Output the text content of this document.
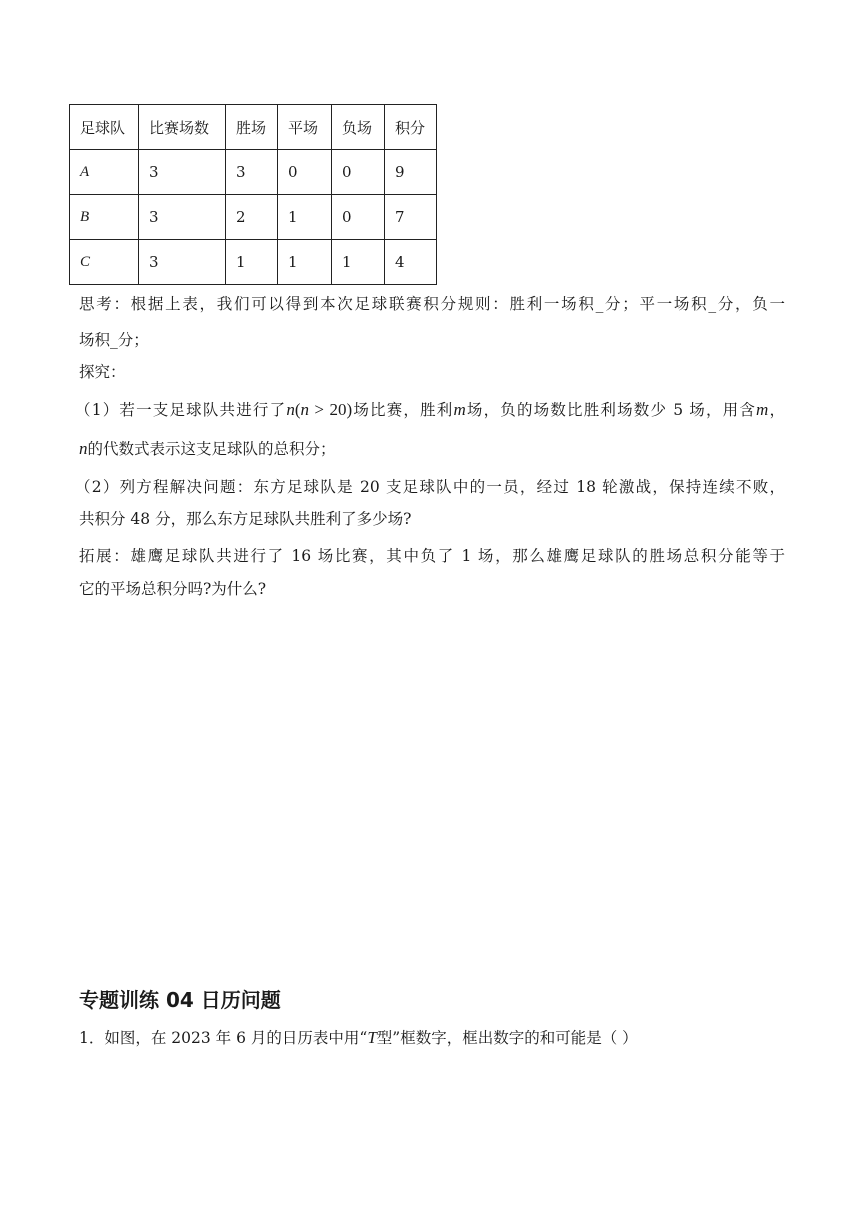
足球队	比赛场数	胜场	平场	负场	积分
A	3	3	0	0	9
B	3	2	1	0	7
C	3	1	1	1	4

思考：根据上表，我们可以得到本次足球联赛积分规则：胜利一场积_分；平一场积_分，负一

场积_分；

探究：

（1）若一支足球队共进行了n(n > 20)场比赛，胜利m场，负的场数比胜利场数少 5 场，用含m，

n的代数式表示这支足球队的总积分；

（2）列方程解决问题：东方足球队是 20 支足球队中的一员，经过 18 轮激战，保持连续不败，

共积分 48 分，那么东方足球队共胜利了多少场?

拓展：雄鹰足球队共进行了 16 场比赛，其中负了 1 场，那么雄鹰足球队的胜场总积分能等于

它的平场总积分吗?为什么?

专题训练 04 日历问题

1．如图，在 2023 年 6 月的日历表中用“T型”框数字，框出数字的和可能是（ ）
